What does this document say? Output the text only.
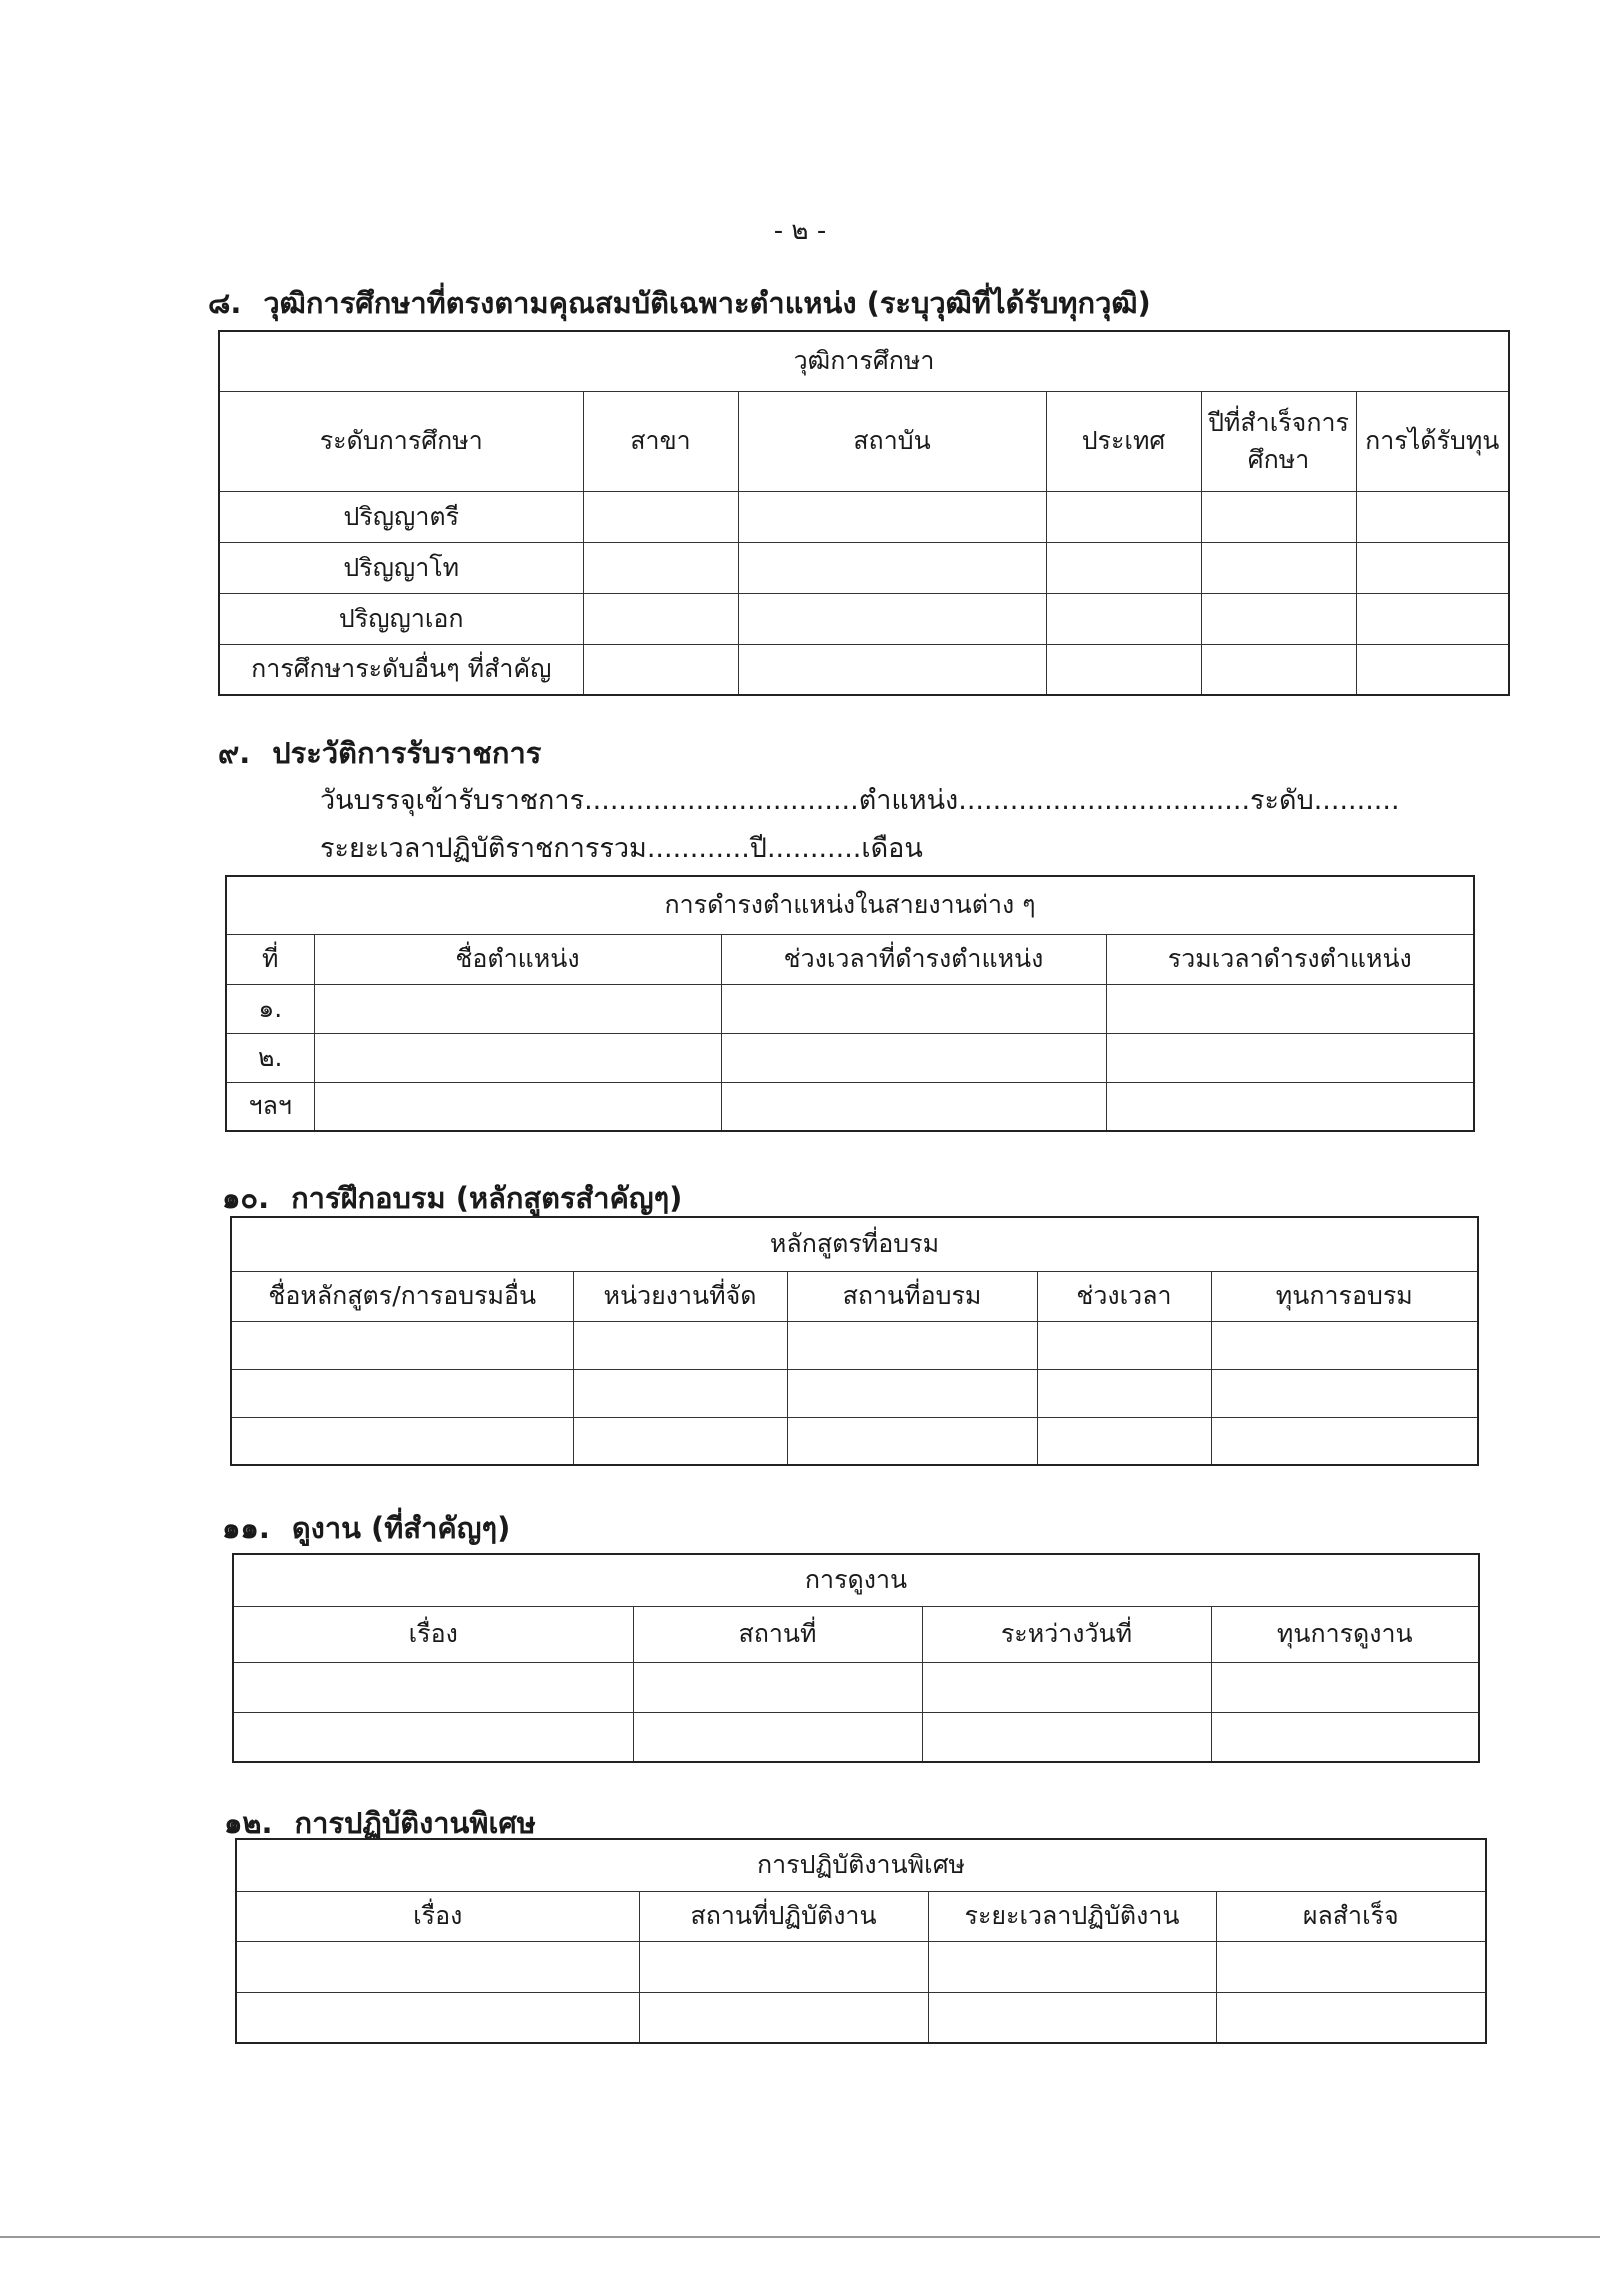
- ๒ -
๘. วุฒิการศึกษาที่ตรงตามคุณสมบัติเฉพาะตำแหน่ง (ระบุวุฒิที่ได้รับทุกวุฒิ)
วุฒิการศึกษา					
ระดับการศึกษา	สาขา	สถาบัน	ประเทศ	ปีที่สำเร็จการศึกษา	การได้รับทุน
ปริญญาตรี					
ปริญญาโท					
ปริญญาเอก					
การศึกษาระดับอื่นๆ ที่สำคัญ					
๙. ประวัติการรับราชการ
วันบรรจุเข้ารับราชการ................................ตำแหน่ง..................................ระดับ..........
ระยะเวลาปฏิบัติราชการรวม............ปี...........เดือน
การดำรงตำแหน่งในสายงานต่าง ๆ			
ที่	ชื่อตำแหน่ง	ช่วงเวลาที่ดำรงตำแหน่ง	รวมเวลาดำรงตำแหน่ง
๑.			
๒.			
ฯลฯ			
๑๐. การฝึกอบรม (หลักสูตรสำคัญๆ)
หลักสูตรที่อบรม				
ชื่อหลักสูตร/การอบรมอื่น	หน่วยงานที่จัด	สถานที่อบรม	ช่วงเวลา	ทุนการอบรม

๑๑. ดูงาน (ที่สำคัญๆ)
การดูงาน			
เรื่อง	สถานที่	ระหว่างวันที่	ทุนการดูงาน

๑๒. การปฏิบัติงานพิเศษ
การปฏิบัติงานพิเศษ			
เรื่อง	สถานที่ปฏิบัติงาน	ระยะเวลาปฏิบัติงาน	ผลสำเร็จ
